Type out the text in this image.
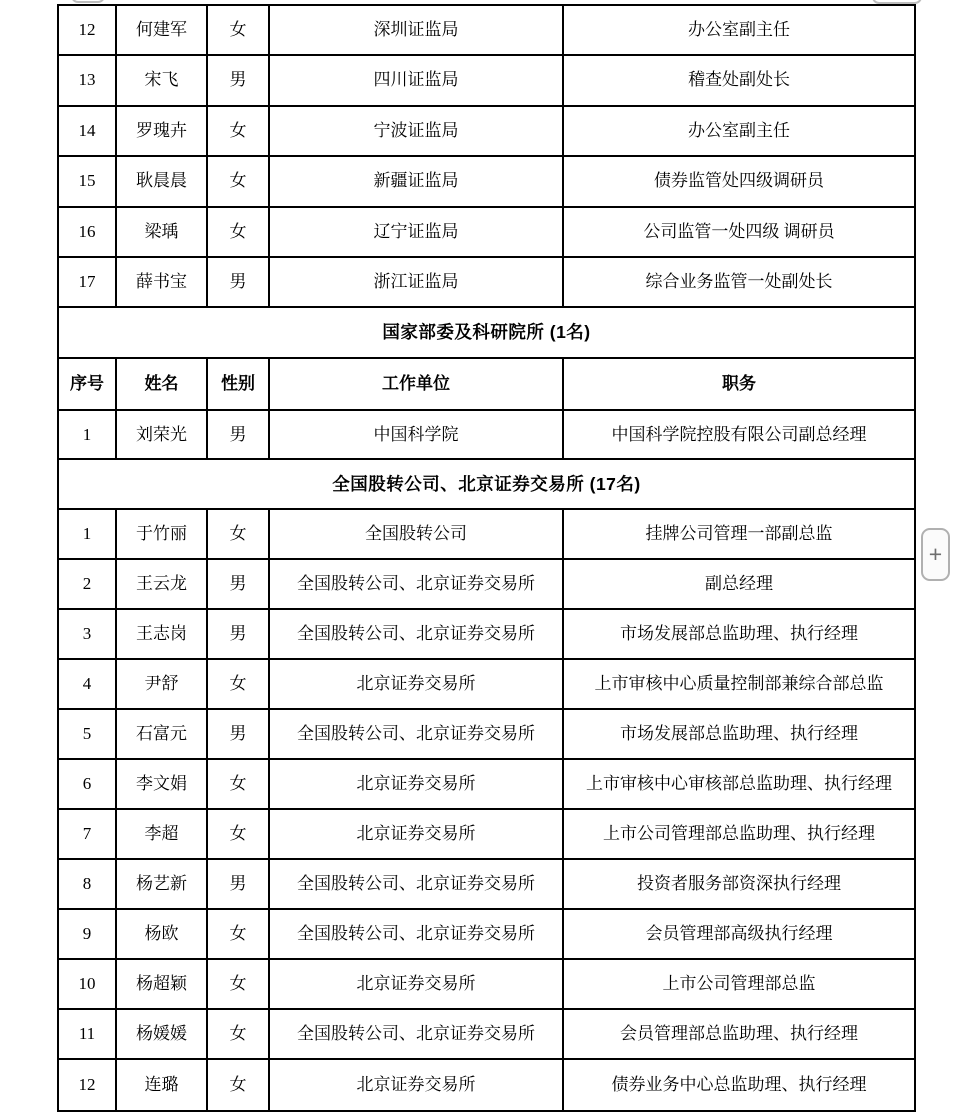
12	何建军	女	深圳证监局	办公室副主任
13	宋飞	男	四川证监局	稽查处副处长
14	罗瑰卉	女	宁波证监局	办公室副主任
15	耿晨晨	女	新疆证监局	债券监管处四级调研员
16	梁瑀	女	辽宁证监局	公司监管一处四级 调研员
17	薛书宝	男	浙江证监局	综合业务监管一处副处长
国家部委及科研院所 (1名)
序号	姓名	性别	工作单位	职务
1	刘荣光	男	中国科学院	中国科学院控股有限公司副总经理
全国股转公司、北京证券交易所 (17名)
1	于竹丽	女	全国股转公司	挂牌公司管理一部副总监
2	王云龙	男	全国股转公司、北京证券交易所	副总经理
3	王志岗	男	全国股转公司、北京证券交易所	市场发展部总监助理、执行经理
4	尹舒	女	北京证券交易所	上市审核中心质量控制部兼综合部总监
5	石富元	男	全国股转公司、北京证券交易所	市场发展部总监助理、执行经理
6	李文娟	女	北京证券交易所	上市审核中心审核部总监助理、执行经理
7	李超	女	北京证券交易所	上市公司管理部总监助理、执行经理
8	杨艺新	男	全国股转公司、北京证券交易所	投资者服务部资深执行经理
9	杨欧	女	全国股转公司、北京证券交易所	会员管理部高级执行经理
10	杨超颖	女	北京证券交易所	上市公司管理部总监
11	杨媛媛	女	全国股转公司、北京证券交易所	会员管理部总监助理、执行经理
12	连璐	女	北京证券交易所	债券业务中心总监助理、执行经理
+
